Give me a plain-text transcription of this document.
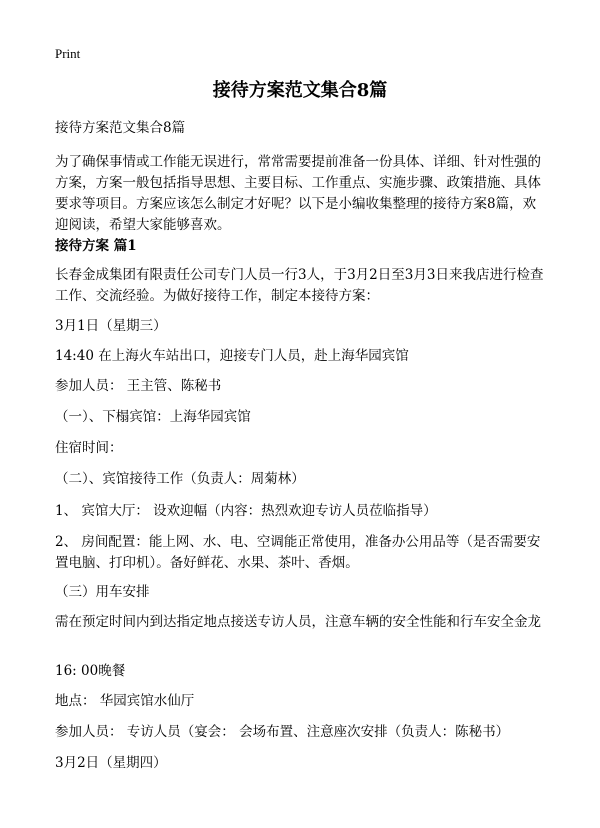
Print
接待方案范文集合8篇

接待方案范文集合8篇

为了确保事情或工作能无误进行，常常需要提前准备一份具体、详细、针对性强的
方案，方案一般包括指导思想、主要目标、工作重点、实施步骤、政策措施、具体
要求等项目。方案应该怎么制定才好呢？以下是小编收集整理的接待方案8篇，欢
迎阅读，希望大家能够喜欢。

接待方案 篇1

长春金成集团有限责任公司专门人员一行3人，于3月2日至3月3日来我店进行检查
工作、交流经验。为做好接待工作，制定本接待方案：

3月1日（星期三）

14:40 在上海火车站出口，迎接专门人员，赴上海华园宾馆

参加人员： 王主管、陈秘书

（一）、下榻宾馆：上海华园宾馆

住宿时间：

（二）、宾馆接待工作（负责人：周菊林）

1、 宾馆大厅： 设欢迎幅（内容：热烈欢迎专访人员莅临指导）

2、 房间配置：能上网、水、电、空调能正常使用，准备办公用品等（是否需要安
置电脑、打印机）。备好鲜花、水果、茶叶、香烟。

（三）用车安排

需在预定时间内到达指定地点接送专访人员，注意车辆的安全性能和行车安全金龙

16: 00晚餐

地点： 华园宾馆水仙厅

参加人员： 专访人员（宴会： 会场布置、注意座次安排（负责人：陈秘书）

3月2日（星期四）
